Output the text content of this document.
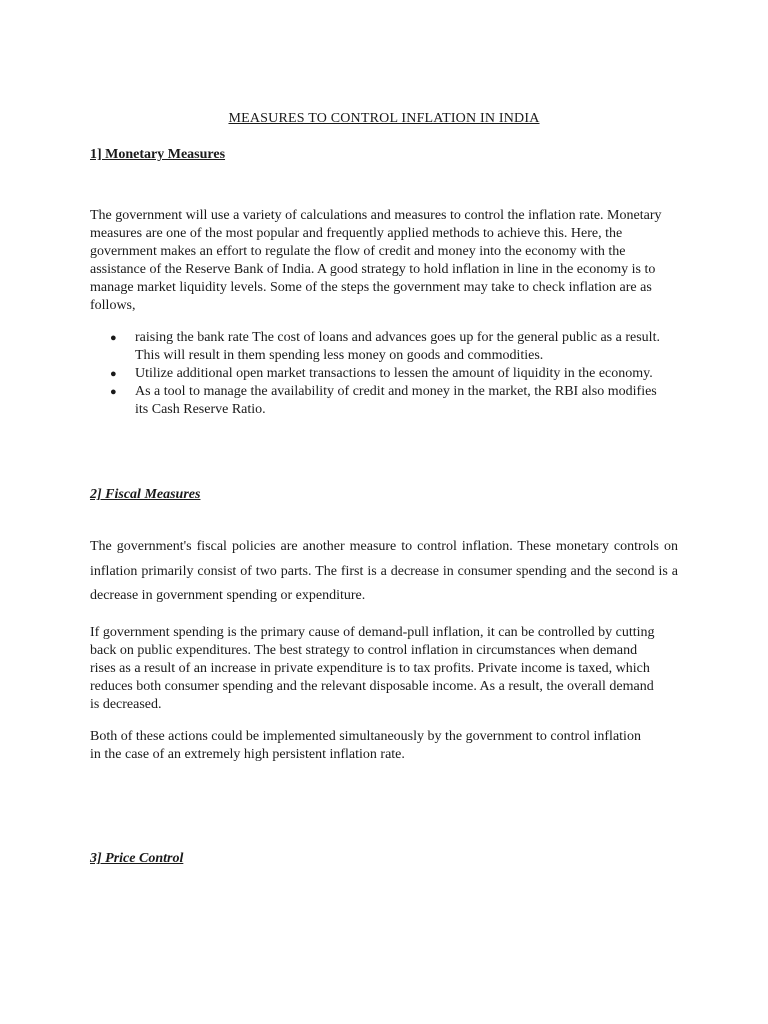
MEASURES TO CONTROL INFLATION IN INDIA
1] Monetary Measures

The government will use a variety of calculations and measures to control the inflation rate. Monetary measures are one of the most popular and frequently applied methods to achieve this. Here, the government makes an effort to regulate the flow of credit and money into the economy with the assistance of the Reserve Bank of India. A good strategy to hold inflation in line in the economy is to manage market liquidity levels. Some of the steps the government may take to check inflation are as follows,

● raising the bank rate The cost of loans and advances goes up for the general public as a result. This will result in them spending less money on goods and commodities.
● Utilize additional open market transactions to lessen the amount of liquidity in the economy.
● As a tool to manage the availability of credit and money in the market, the RBI also modifies its Cash Reserve Ratio.
2] Fiscal Measures

The government's fiscal policies are another measure to control inflation. These monetary controls on inflation primarily consist of two parts. The first is a decrease in consumer spending and the second is a decrease in government spending or expenditure.

If government spending is the primary cause of demand-pull inflation, it can be controlled by cutting back on public expenditures. The best strategy to control inflation in circumstances when demand rises as a result of an increase in private expenditure is to tax profits. Private income is taxed, which reduces both consumer spending and the relevant disposable income. As a result, the overall demand is decreased.

Both of these actions could be implemented simultaneously by the government to control inflation in the case of an extremely high persistent inflation rate.

3] Price Control
